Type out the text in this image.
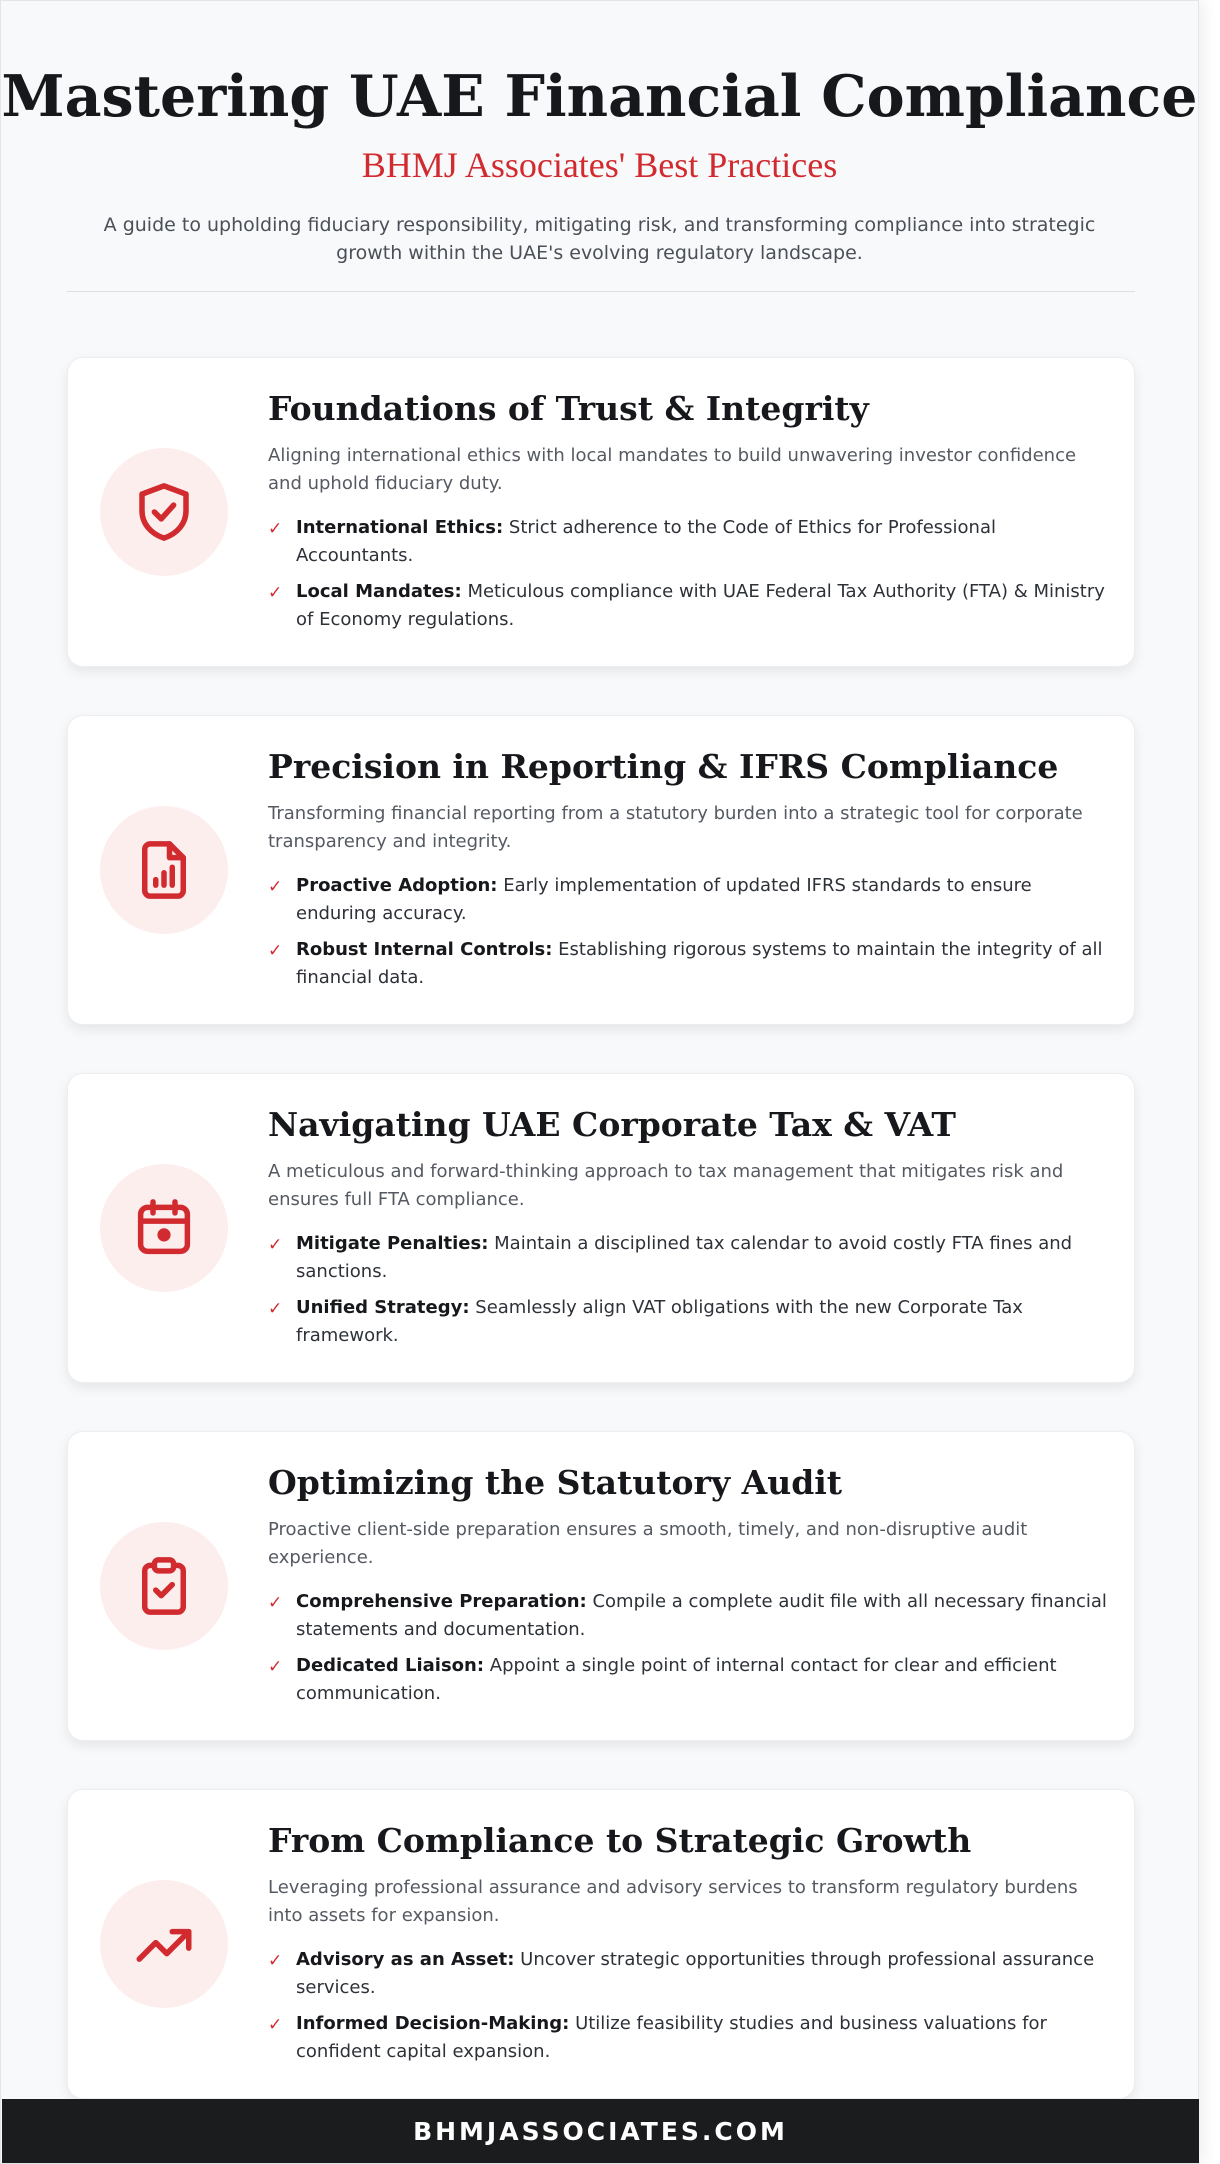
Mastering UAE Financial Compliance
BHMJ Associates' Best Practices

A guide to upholding fiduciary responsibility, mitigating risk, and transforming compliance into strategic growth within the UAE's evolving regulatory landscape.

Foundations of Trust & Integrity

Aligning international ethics with local mandates to build unwavering investor confidence and uphold fiduciary duty.

✓ International Ethics: Strict adherence to the Code of Ethics for Professional Accountants.
✓ Local Mandates: Meticulous compliance with UAE Federal Tax Authority (FTA) & Ministry of Economy regulations.
Precision in Reporting & IFRS Compliance

Transforming financial reporting from a statutory burden into a strategic tool for corporate transparency and integrity.

✓ Proactive Adoption: Early implementation of updated IFRS standards to ensure enduring accuracy.
✓ Robust Internal Controls: Establishing rigorous systems to maintain the integrity of all financial data.
Navigating UAE Corporate Tax & VAT

A meticulous and forward-thinking approach to tax management that mitigates risk and ensures full FTA compliance.

✓ Mitigate Penalties: Maintain a disciplined tax calendar to avoid costly FTA fines and sanctions.
✓ Unified Strategy: Seamlessly align VAT obligations with the new Corporate Tax framework.
Optimizing the Statutory Audit

Proactive client-side preparation ensures a smooth, timely, and non-disruptive audit experience.

✓ Comprehensive Preparation: Compile a complete audit file with all necessary financial statements and documentation.
✓ Dedicated Liaison: Appoint a single point of internal contact for clear and efficient communication.
From Compliance to Strategic Growth

Leveraging professional assurance and advisory services to transform regulatory burdens into assets for expansion.

✓ Advisory as an Asset: Uncover strategic opportunities through professional assurance services.
✓ Informed Decision-Making: Utilize feasibility studies and business valuations for confident capital expansion.
BHMJASSOCIATES.COM
